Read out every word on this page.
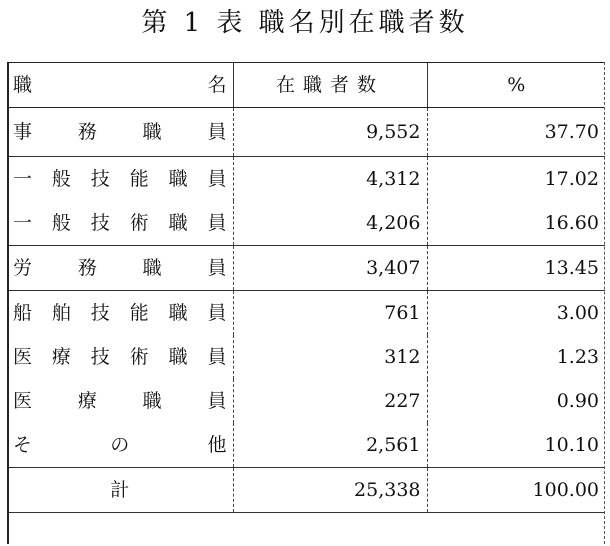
第 1 表 職名別在職者数
職 名	在職者数	%
事 務 職 員	9,552	37.70
一 般 技 能 職 員	4,312	17.02
一 般 技 術 職 員	4,206	16.60
労 務 職 員	3,407	13.45
船 舶 技 能 職 員	761	3.00
医 療 技 術 職 員	312	1.23
医 療 職 員	227	0.90
そ の 他	2,561	10.10
計	25,338	100.00
